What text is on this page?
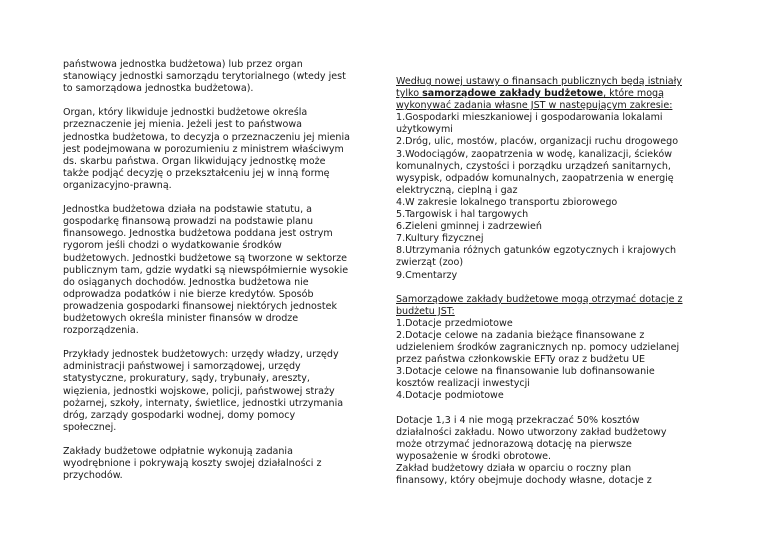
państwowa jednostka budżetowa) lub przez organ
stanowiący jednostki samorządu terytorialnego (wtedy jest
to samorządowa jednostka budżetowa).
Organ, który likwiduje jednostki budżetowe określa
przeznaczenie jej mienia. Jeżeli jest to państwowa
jednostka budżetowa, to decyzja o przeznaczeniu jej mienia
jest podejmowana w porozumieniu z ministrem właściwym
ds. skarbu państwa. Organ likwidujący jednostkę może
także podjąć decyzję o przekształceniu jej w inną formę
organizacyjno-prawną.
Jednostka budżetowa działa na podstawie statutu, a
gospodarkę finansową prowadzi na podstawie planu
finansowego. Jednostka budżetowa poddana jest ostrym
rygorom jeśli chodzi o wydatkowanie środków
budżetowych. Jednostki budżetowe są tworzone w sektorze
publicznym tam, gdzie wydatki są niewspółmiernie wysokie
do osiąganych dochodów. Jednostka budżetowa nie
odprowadza podatków i nie bierze kredytów. Sposób
prowadzenia gospodarki finansowej niektórych jednostek
budżetowych określa minister finansów w drodze
rozporządzenia.
Przykłady jednostek budżetowych: urzędy władzy, urzędy
administracji państwowej i samorządowej, urzędy
statystyczne, prokuratury, sądy, trybunały, areszty,
więzienia, jednostki wojskowe, policji, państwowej straży
pożarnej, szkoły, internaty, świetlice, jednostki utrzymania
dróg, zarządy gospodarki wodnej, domy pomocy
społecznej.
Zakłady budżetowe odpłatnie wykonują zadania
wyodrębnione i pokrywają koszty swojej działalności z
przychodów.
Według nowej ustawy o finansach publicznych będą istniały
tylko samorządowe zakłady budżetowe, które mogą
wykonywać zadania własne JST w następującym zakresie:
1.Gospodarki mieszkaniowej i gospodarowania lokalami
użytkowymi
2.Dróg, ulic, mostów, placów, organizacji ruchu drogowego
3.Wodociągów, zaopatrzenia w wodę, kanalizacji, ścieków
komunalnych, czystości i porządku urządzeń sanitarnych,
wysypisk, odpadów komunalnych, zaopatrzenia w energię
elektryczną, cieplną i gaz
4.W zakresie lokalnego transportu zbiorowego
5.Targowisk i hal targowych
6.Zieleni gminnej i zadrzewień
7.Kultury fizycznej
8.Utrzymania różnych gatunków egzotycznych i krajowych
zwierząt (zoo)
9.Cmentarzy
Samorządowe zakłady budżetowe mogą otrzymać dotacje z
budżetu JST:
1.Dotacje przedmiotowe
2.Dotacje celowe na zadania bieżące finansowane z
udzieleniem środków zagranicznych np. pomocy udzielanej
przez państwa członkowskie EFTy oraz z budżetu UE
3.Dotacje celowe na finansowanie lub dofinansowanie
kosztów realizacji inwestycji
4.Dotacje podmiotowe
Dotacje 1,3 i 4 nie mogą przekraczać 50% kosztów
działalności zakładu. Nowo utworzony zakład budżetowy
może otrzymać jednorazową dotację na pierwsze
wyposażenie w środki obrotowe.
Zakład budżetowy działa w oparciu o roczny plan
finansowy, który obejmuje dochody własne, dotacje z
